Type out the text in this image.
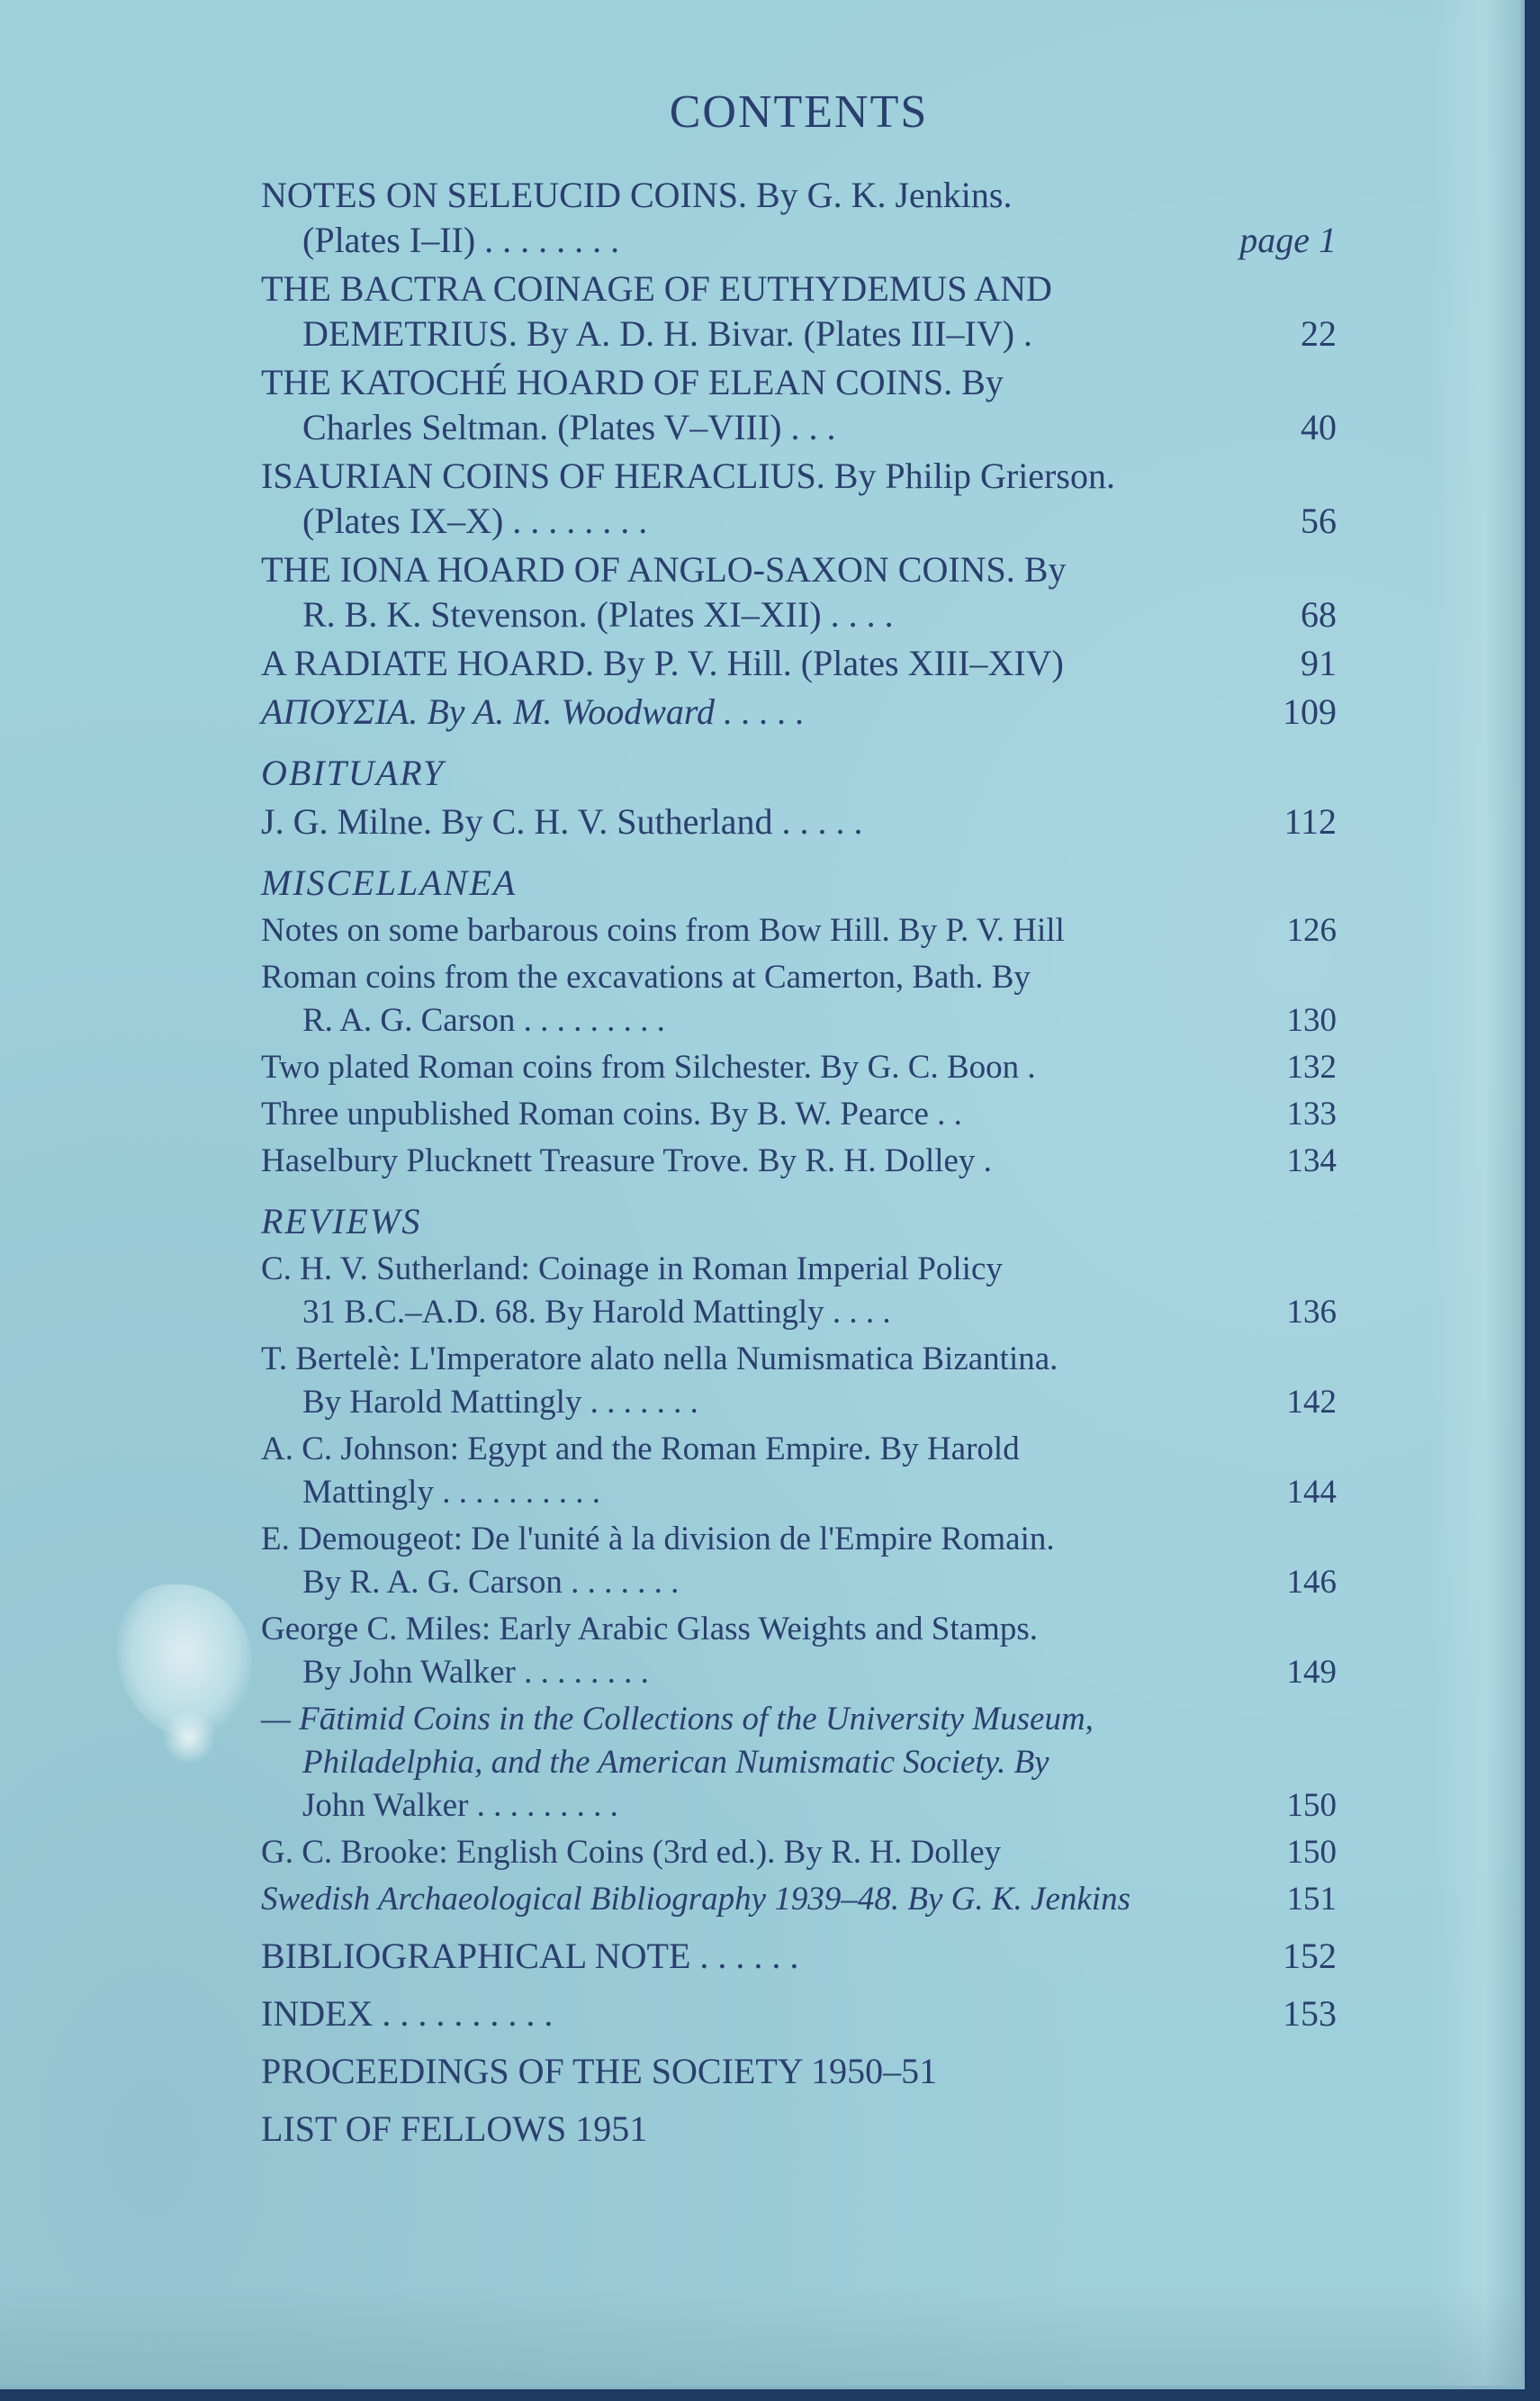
CONTENTS
NOTES ON SELEUCID COINS. By G. K. Jenkins.
(Plates I–II) . . . . . . . .	page 1
THE BACTRA COINAGE OF EUTHYDEMUS AND
DEMETRIUS. By A. D. H. Bivar. (Plates III–IV) .	22
THE KATOCHÉ HOARD OF ELEAN COINS. By
Charles Seltman. (Plates V–VIII) . . .	40
ISAURIAN COINS OF HERACLIUS. By Philip Grierson.
(Plates IX–X) . . . . . . . .	56
THE IONA HOARD OF ANGLO-SAXON COINS. By
R. B. K. Stevenson. (Plates XI–XII) . . . .	68
A RADIATE HOARD. By P. V. Hill. (Plates XIII–XIV)	91
ΑΠΟΥΣΙΑ. By A. M. Woodward . . . . .	109
OBITUARY
J. G. Milne. By C. H. V. Sutherland . . . . .	112
MISCELLANEA
Notes on some barbarous coins from Bow Hill. By P. V. Hill	126
Roman coins from the excavations at Camerton, Bath. By
R. A. G. Carson . . . . . . . . .	130
Two plated Roman coins from Silchester. By G. C. Boon .	132
Three unpublished Roman coins. By B. W. Pearce . .	133
Haselbury Plucknett Treasure Trove. By R. H. Dolley .	134
REVIEWS
C. H. V. Sutherland: Coinage in Roman Imperial Policy
31 B.C.–A.D. 68. By Harold Mattingly . . . .	136
T. Bertelè: L'Imperatore alato nella Numismatica Bizantina.
By Harold Mattingly . . . . . . .	142
A. C. Johnson: Egypt and the Roman Empire. By Harold
Mattingly . . . . . . . . . .	144
E. Demougeot: De l'unité à la division de l'Empire Romain.
By R. A. G. Carson . . . . . . .	146
George C. Miles: Early Arabic Glass Weights and Stamps.
By John Walker . . . . . . . .	149
— Fātimid Coins in the Collections of the University Museum,
Philadelphia, and the American Numismatic Society. By
John Walker . . . . . . . . .	150
G. C. Brooke: English Coins (3rd ed.). By R. H. Dolley	150
Swedish Archaeological Bibliography 1939–48. By G. K. Jenkins	151
BIBLIOGRAPHICAL NOTE . . . . . .	152
INDEX . . . . . . . . . .	153
PROCEEDINGS OF THE SOCIETY 1950–51
LIST OF FELLOWS 1951
